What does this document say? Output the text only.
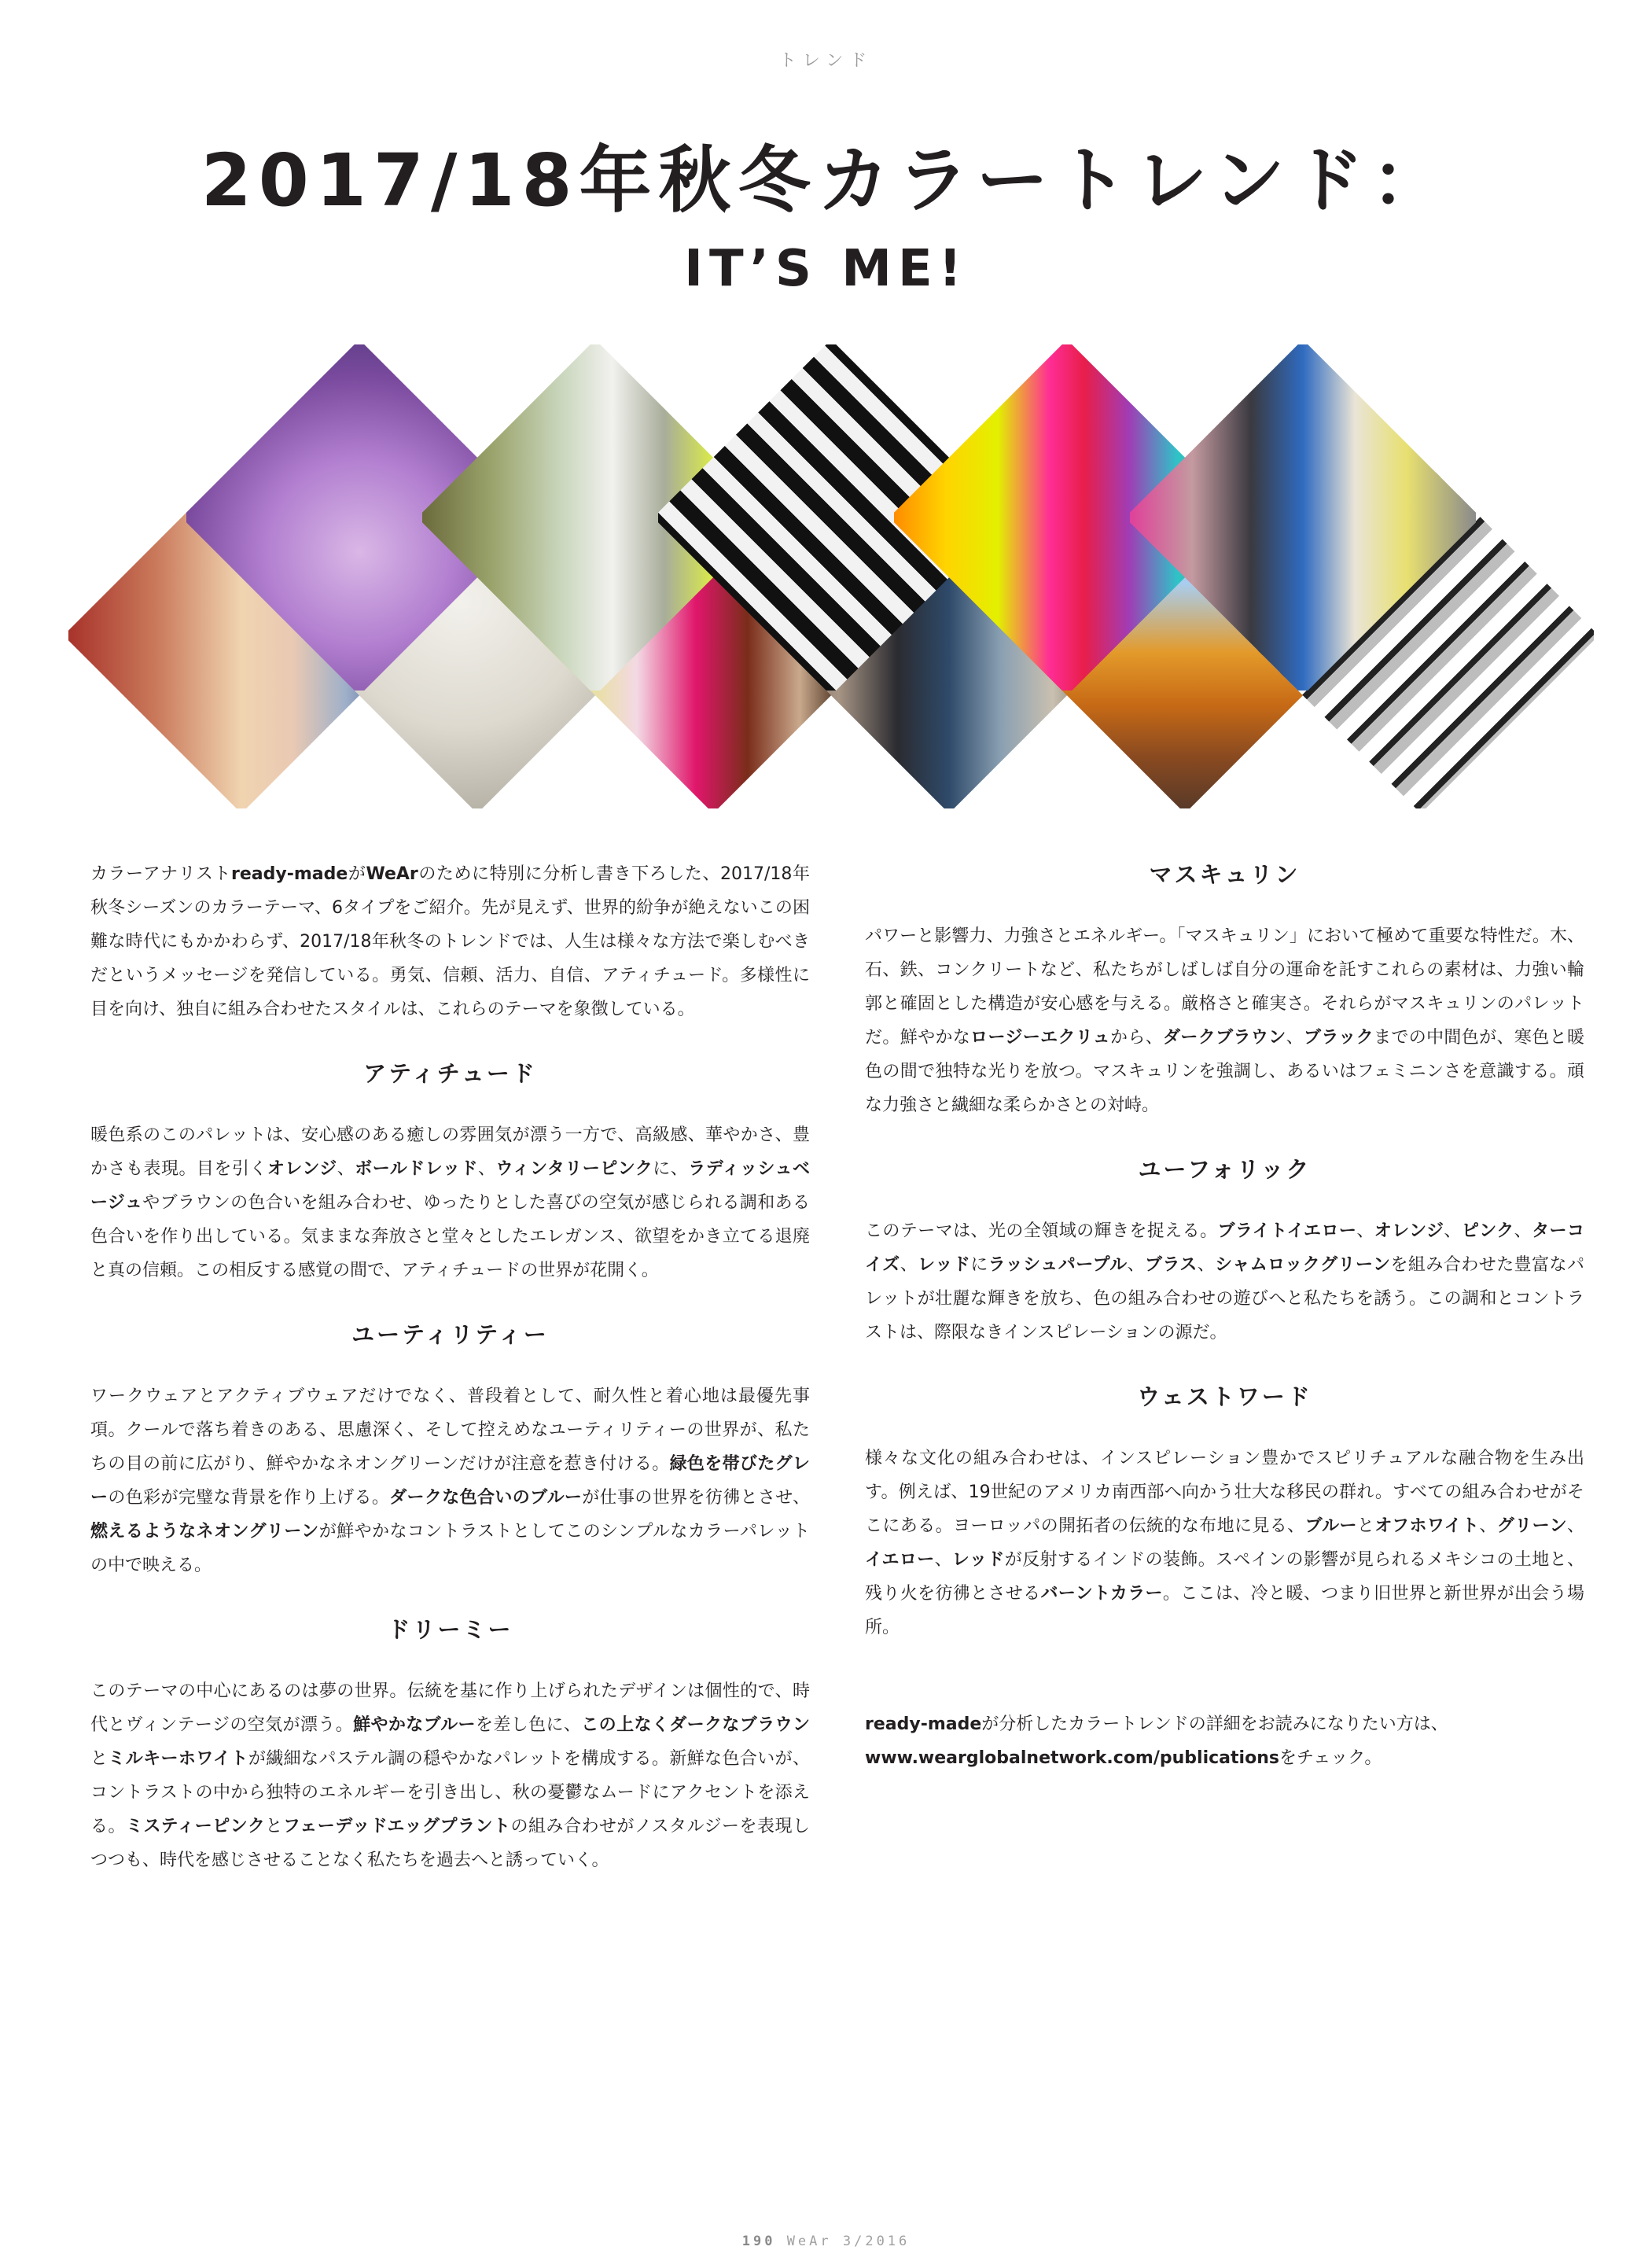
トレンド
2017/18年秋冬カラートレンド：
IT’S ME!

カラーアナリストready-madeがWeArのために特別に分析し書き下ろした、2017/18年秋冬シーズンのカラーテーマ、6タイプをご紹介。先が見えず、世界的紛争が絶えないこの困難な時代にもかかわらず、2017/18年秋冬のトレンドでは、人生は様々な方法で楽しむべきだというメッセージを発信している。勇気、信頼、活力、自信、アティチュード。多様性に目を向け、独自に組み合わせたスタイルは、これらのテーマを象徴している。

アティチュード

暖色系のこのパレットは、安心感のある癒しの雰囲気が漂う一方で、高級感、華やかさ、豊かさも表現。目を引くオレンジ、ボールドレッド、ウィンタリーピンクに、ラディッシュベージュやブラウンの色合いを組み合わせ、ゆったりとした喜びの空気が感じられる調和ある色合いを作り出している。気ままな奔放さと堂々としたエレガンス、欲望をかき立てる退廃と真の信頼。この相反する感覚の間で、アティチュードの世界が花開く。

ユーティリティー

ワークウェアとアクティブウェアだけでなく、普段着として、耐久性と着心地は最優先事項。クールで落ち着きのある、思慮深く、そして控えめなユーティリティーの世界が、私たちの目の前に広がり、鮮やかなネオングリーンだけが注意を惹き付ける。緑色を帯びたグレーの色彩が完璧な背景を作り上げる。ダークな色合いのブルーが仕事の世界を彷彿とさせ、燃えるようなネオングリーンが鮮やかなコントラストとしてこのシンプルなカラーパレットの中で映える。

ドリーミー

このテーマの中心にあるのは夢の世界。伝統を基に作り上げられたデザインは個性的で、時代とヴィンテージの空気が漂う。鮮やかなブルーを差し色に、この上なくダークなブラウンとミルキーホワイトが繊細なパステル調の穏やかなパレットを構成する。新鮮な色合いが、コントラストの中から独特のエネルギーを引き出し、秋の憂鬱なムードにアクセントを添える。ミスティーピンクとフェーデッドエッグプラントの組み合わせがノスタルジーを表現しつつも、時代を感じさせることなく私たちを過去へと誘っていく。

マスキュリン

パワーと影響力、力強さとエネルギー。「マスキュリン」において極めて重要な特性だ。木、石、鉄、コンクリートなど、私たちがしばしば自分の運命を託すこれらの素材は、力強い輪郭と確固とした構造が安心感を与える。厳格さと確実さ。それらがマスキュリンのパレットだ。鮮やかなロージーエクリュから、ダークブラウン、ブラックまでの中間色が、寒色と暖色の間で独特な光りを放つ。マスキュリンを強調し、あるいはフェミニンさを意識する。頑な力強さと繊細な柔らかさとの対峙。

ユーフォリック

このテーマは、光の全領域の輝きを捉える。ブライトイエロー、オレンジ、ピンク、ターコイズ、レッドにラッシュパープル、ブラス、シャムロックグリーンを組み合わせた豊富なパレットが壮麗な輝きを放ち、色の組み合わせの遊びへと私たちを誘う。この調和とコントラストは、際限なきインスピレーションの源だ。

ウェストワード

様々な文化の組み合わせは、インスピレーション豊かでスピリチュアルな融合物を生み出す。例えば、19世紀のアメリカ南西部へ向かう壮大な移民の群れ。すべての組み合わせがそこにある。ヨーロッパの開拓者の伝統的な布地に見る、ブルーとオフホワイト、グリーン、イエロー、レッドが反射するインドの装飾。スペインの影響が見られるメキシコの土地と、残り火を彷彿とさせるバーントカラー。ここは、冷と暖、つまり旧世界と新世界が出会う場所。

ready-madeが分析したカラートレンドの詳細をお読みになりたい方は、
www.wearglobalnetwork.com/publicationsをチェック。

190 WeAr 3/2016
